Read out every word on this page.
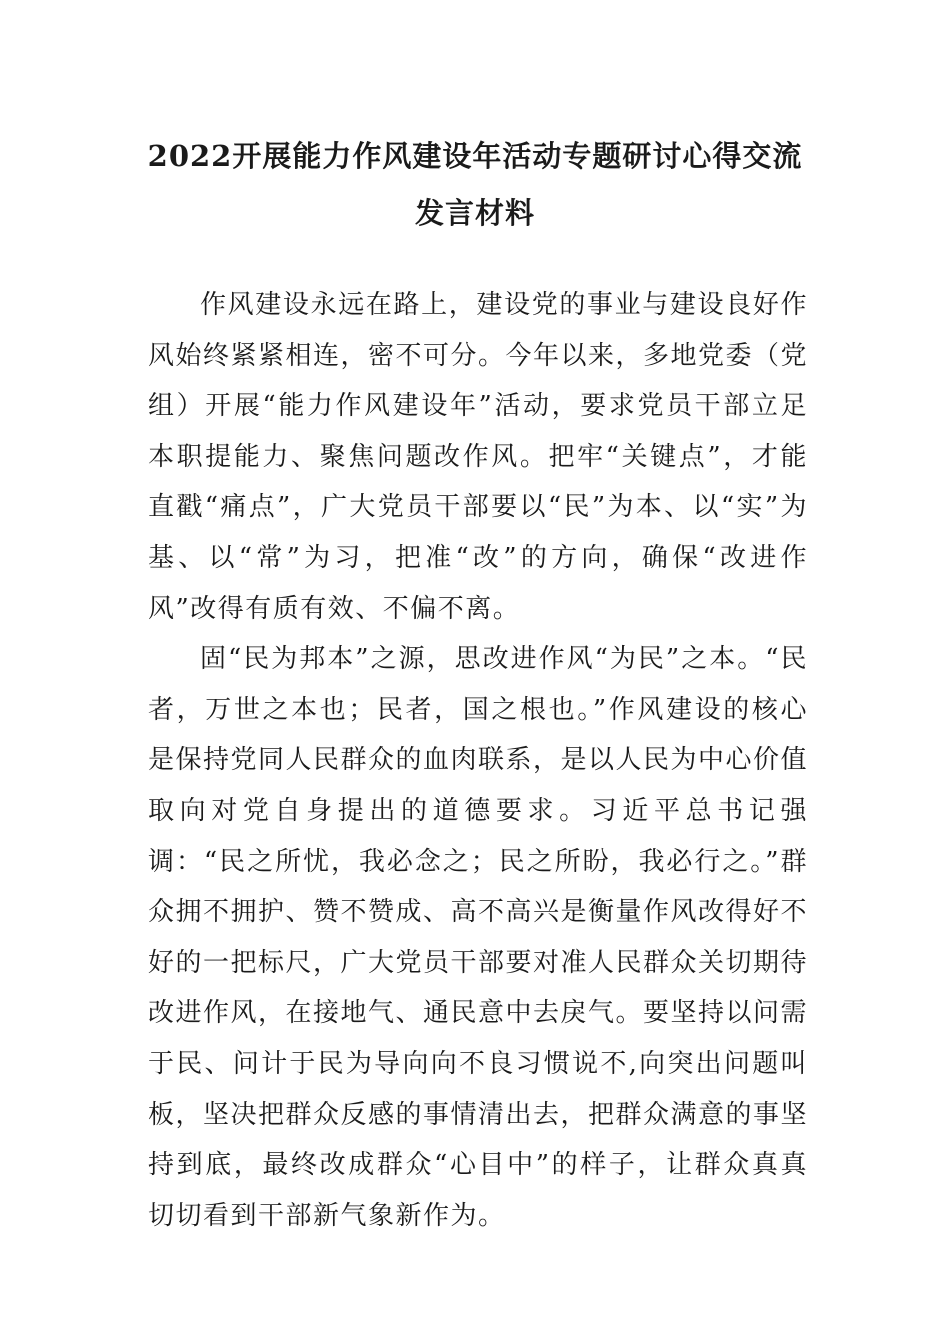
2022开展能力作风建设年活动专题研讨心得交流发言材料

作风建设永远在路上，建设党的事业与建设良好作风始终紧紧相连，密不可分。今年以来，多地党委（党组）开展“能力作风建设年”活动，要求党员干部立足本职提能力、聚焦问题改作风。把牢“关键点”，才能直戳“痛点”，广大党员干部要以“民”为本、以“实”为基、以“常”为习，把准“改”的方向，确保“改进作风”改得有质有效、不偏不离。

固“民为邦本”之源，思改进作风“为民”之本。“民者，万世之本也；民者，国之根也。”作风建设的核心是保持党同人民群众的血肉联系，是以人民为中心价值取向对党自身提出的道德要求。习近平总书记强调：“民之所忧，我必念之；民之所盼，我必行之。”群众拥不拥护、赞不赞成、高不高兴是衡量作风改得好不好的一把标尺，广大党员干部要对准人民群众关切期待改进作风，在接地气、通民意中去戾气。要坚持以问需于民、问计于民为导向向不良习惯说不,向突出问题叫板，坚决把群众反感的事情清出去，把群众满意的事坚持到底，最终改成群众“心目中”的样子，让群众真真切切看到干部新气象新作为。
